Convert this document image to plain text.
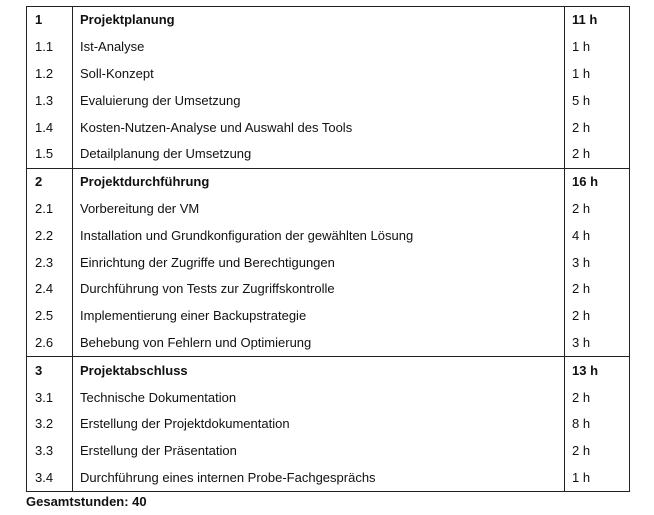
1	Projektplanung	11 h
1.1	Ist-Analyse	1 h
1.2	Soll-Konzept	1 h
1.3	Evaluierung der Umsetzung	5 h
1.4	Kosten-Nutzen-Analyse und Auswahl des Tools	2 h
1.5	Detailplanung der Umsetzung	2 h
2	Projektdurchführung	16 h
2.1	Vorbereitung der VM	2 h
2.2	Installation und Grundkonfiguration der gewählten Lösung	4 h
2.3	Einrichtung der Zugriffe und Berechtigungen	3 h
2.4	Durchführung von Tests zur Zugriffskontrolle	2 h
2.5	Implementierung einer Backupstrategie	2 h
2.6	Behebung von Fehlern und Optimierung	3 h
3	Projektabschluss	13 h
3.1	Technische Dokumentation	2 h
3.2	Erstellung der Projektdokumentation	8 h
3.3	Erstellung der Präsentation	2 h
3.4	Durchführung eines internen Probe-Fachgesprächs	1 h
Gesamtstunden: 40
